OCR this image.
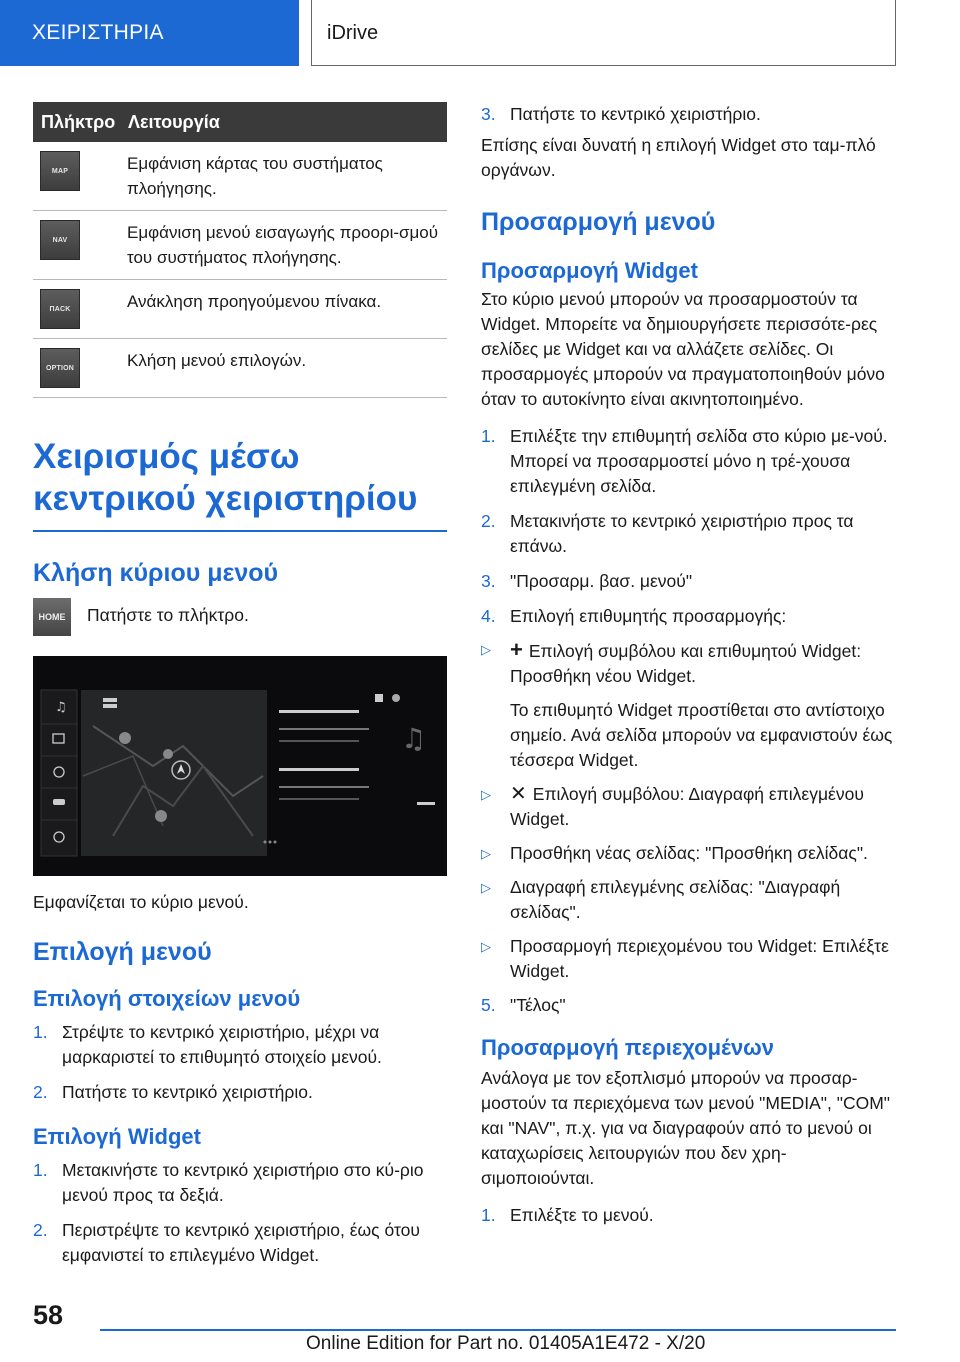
ΧΕΙΡΙΣΤΗΡΙΑ	iDrive
Πλήκτρο	Λειτουργία

MAP	Εμφάνιση κάρτας του συστήματος πλοήγησης.

NAV	Εμφάνιση μενού εισαγωγής προορι‐σμού του συστήματος πλοήγησης.

ΠΑCK	Ανάκληση προηγούμενου πίνακα.

OPTION	Κλήση μενού επιλογών.
Χειρισμός μέσω κεντρικού χειριστηρίου
Κλήση κύριου μενού
HOME	Πατήστε το πλήκτρο.

♫
♫

Εμφανίζεται το κύριο μενού.

Επιλογή μενού
Επιλογή στοιχείων μενού
1. Στρέψτε το κεντρικό χειριστήριο, μέχρι να μαρκαριστεί το επιθυμητό στοιχείο μενού.
2. Πατήστε το κεντρικό χειριστήριο.
Επιλογή Widget
1. Μετακινήστε το κεντρικό χειριστήριο στο κύ‐ριο μενού προς τα δεξιά.
2. Περιστρέψτε το κεντρικό χειριστήριο, έως ότου εμφανιστεί το επιλεγμένο Widget.
3. Πατήστε το κεντρικό χειριστήριο.

Επίσης είναι δυνατή η επιλογή Widget στο ταμ‐πλό οργάνων.

Προσαρμογή μενού
Προσαρμογή Widget

Στο κύριο μενού μπορούν να προσαρμοστούν τα Widget. Μπορείτε να δημιουργήσετε περισσότε‐ρες σελίδες με Widget και να αλλάζετε σελίδες. Οι προσαρμογές μπορούν να πραγματοποιηθούν μόνο όταν το αυτοκίνητο είναι ακινητοποιημένο.

1. Επιλέξτε την επιθυμητή σελίδα στο κύριο με‐νού. Μπορεί να προσαρμοστεί μόνο η τρέ‐χουσα επιλεγμένη σελίδα.
2. Μετακινήστε το κεντρικό χειριστήριο προς τα επάνω.
3. "Προσαρμ. βασ. μενού"
4. Επιλογή επιθυμητής προσαρμογής:
▷ + Επιλογή συμβόλου και επιθυμητού Widget: Προσθήκη νέου Widget.
Το επιθυμητό Widget προστίθεται στο αντίστοιχο σημείο. Ανά σελίδα μπορούν να εμφανιστούν έως τέσσερα Widget.
▷ ✕ Επιλογή συμβόλου: Διαγραφή επιλεγμένου Widget.
▷ Προσθήκη νέας σελίδας: "Προσθήκη σελίδας".
▷ Διαγραφή επιλεγμένης σελίδας: "Διαγραφή σελίδας".
▷ Προσαρμογή περιεχομένου του Widget: Επιλέξτε Widget.
5. "Τέλος"
Προσαρμογή περιεχομένων

Ανάλογα με τον εξοπλισμό μπορούν να προσαρ‐μοστούν τα περιεχόμενα των μενού "MEDIA", "COM" και "NAV", π.χ. για να διαγραφούν από το μενού οι καταχωρίσεις λειτουργιών που δεν χρη‐σιμοποιούνται.

1. Επιλέξτε το μενού.
58
Online Edition for Part no. 01405A1E472 - X/20
